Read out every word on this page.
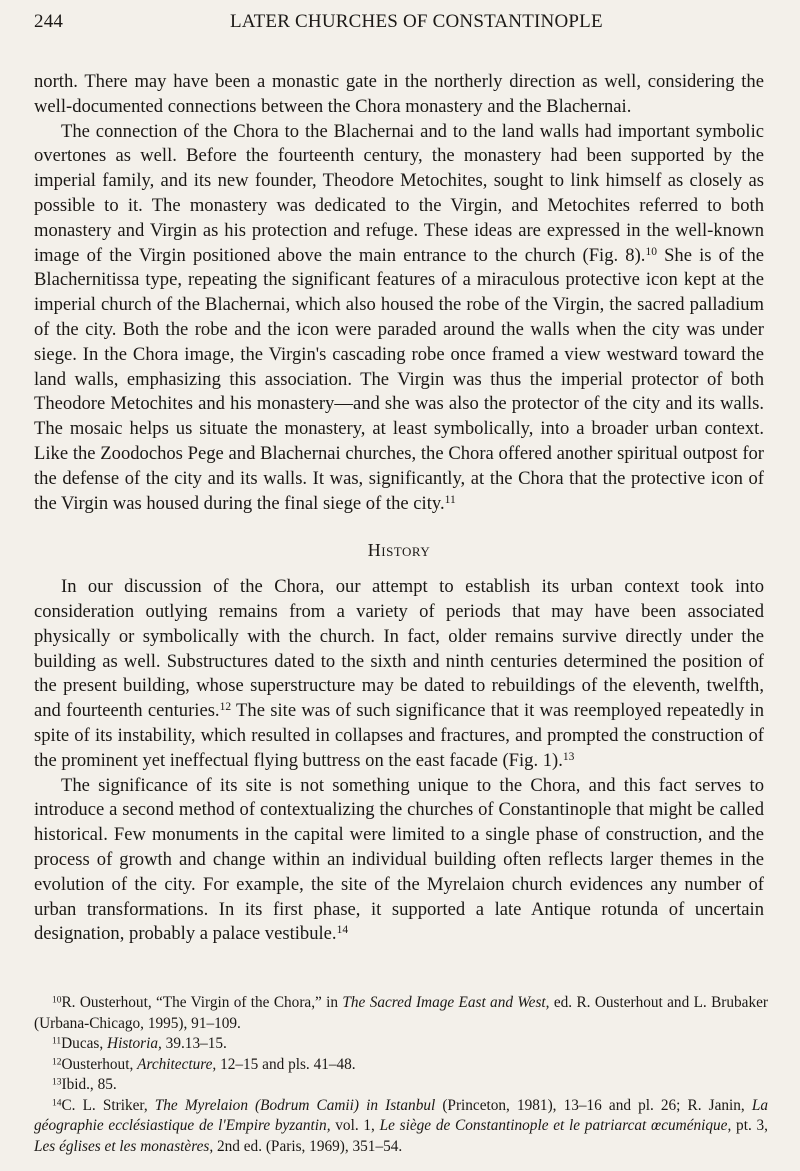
244	LATER CHURCHES OF CONSTANTINOPLE

north. There may have been a monastic gate in the northerly direction as well, considering the well-documented connections between the Chora monastery and the Blachernai.

The connection of the Chora to the Blachernai and to the land walls had important symbolic overtones as well. Before the fourteenth century, the monastery had been supported by the imperial family, and its new founder, Theodore Metochites, sought to link himself as closely as possible to it. The monastery was dedicated to the Virgin, and Metochites referred to both monastery and Virgin as his protection and refuge. These ideas are expressed in the well-known image of the Virgin positioned above the main entrance to the church (Fig. 8).$^{10}$ She is of the Blachernitissa type, repeating the significant features of a miraculous protective icon kept at the imperial church of the Blachernai, which also housed the robe of the Virgin, the sacred palladium of the city. Both the robe and the icon were paraded around the walls when the city was under siege. In the Chora image, the Virgin's cascading robe once framed a view westward toward the land walls, emphasizing this association. The Virgin was thus the imperial protector of both Theodore Metochites and his monastery—and she was also the protector of the city and its walls. The mosaic helps us situate the monastery, at least symbolically, into a broader urban context. Like the Zoodochos Pege and Blachernai churches, the Chora offered another spiritual outpost for the defense of the city and its walls. It was, significantly, at the Chora that the protective icon of the Virgin was housed during the final siege of the city.$^{11}$

History

In our discussion of the Chora, our attempt to establish its urban context took into consideration outlying remains from a variety of periods that may have been associated physically or symbolically with the church. In fact, older remains survive directly under the building as well. Substructures dated to the sixth and ninth centuries determined the position of the present building, whose superstructure may be dated to rebuildings of the eleventh, twelfth, and fourteenth centuries.$^{12}$ The site was of such significance that it was reemployed repeatedly in spite of its instability, which resulted in collapses and fractures, and prompted the construction of the prominent yet ineffectual flying buttress on the east facade (Fig. 1).$^{13}$

The significance of its site is not something unique to the Chora, and this fact serves to introduce a second method of contextualizing the churches of Constantinople that might be called historical. Few monuments in the capital were limited to a single phase of construction, and the process of growth and change within an individual building often reflects larger themes in the evolution of the city. For example, the site of the Myrelaion church evidences any number of urban transformations. In its first phase, it supported a late Antique rotunda of uncertain designation, probably a palace vestibule.$^{14}$

$^{10}$R. Ousterhout, “The Virgin of the Chora,” in The Sacred Image East and West, ed. R. Ousterhout and L. Brubaker (Urbana-Chicago, 1995), 91–109.

$^{11}$Ducas, Historia, 39.13–15.

$^{12}$Ousterhout, Architecture, 12–15 and pls. 41–48.

$^{13}$Ibid., 85.

$^{14}$C. L. Striker, The Myrelaion (Bodrum Camii) in Istanbul (Princeton, 1981), 13–16 and pl. 26; R. Janin, La géographie ecclésiastique de l'Empire byzantin, vol. 1, Le siège de Constantinople et le patriarcat œcuménique, pt. 3, Les églises et les monastères, 2nd ed. (Paris, 1969), 351–54.
